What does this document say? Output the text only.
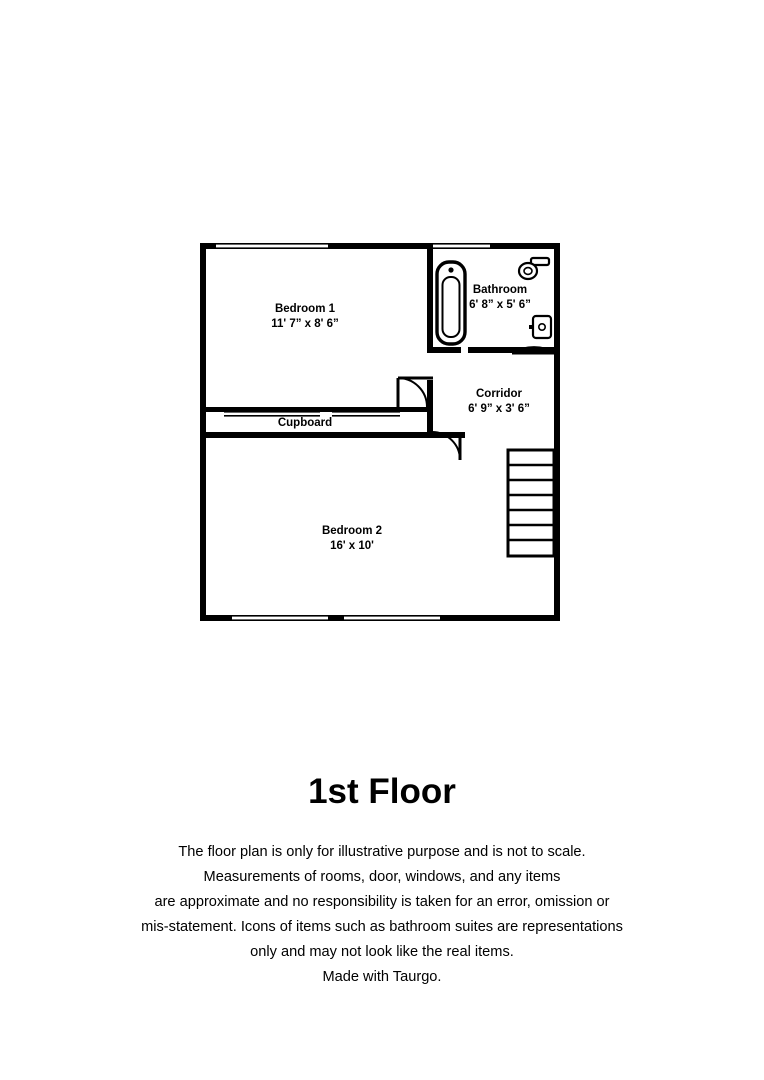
Bedroom 1
11' 7” x 8' 6”
Bathroom
6' 8” x 5' 6”
Corridor
6' 9” x 3' 6”
Bedroom 2
16' x 10'
Cupboard
1st Floor
The floor plan is only for illustrative purpose and is not to scale.
Measurements of rooms, door, windows, and any items
are approximate and no responsibility is taken for an error, omission or
mis-statement. Icons of items such as bathroom suites are representations
only and may not look like the real items.
Made with Taurgo.
